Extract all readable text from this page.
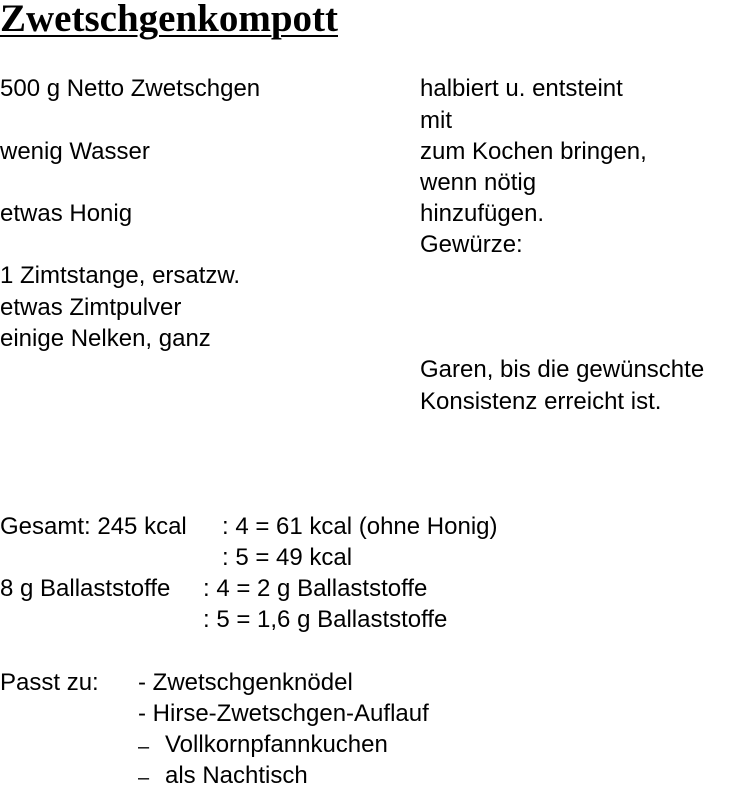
Zwetschgenkompott
500 g Netto Zwetschgen
wenig Wasser
etwas Honig
1 Zimtstange, ersatzw.
etwas Zimtpulver
einige Nelken, ganz
halbiert u. entsteint
mit
zum Kochen bringen,
wenn nötig
hinzufügen.
Gewürze:
Garen, bis die gewünschte
Konsistenz erreicht ist.
Gesamt: 245 kcal : 4 = 61 kcal (ohne Honig)
: 5 = 49 kcal
8 g Ballaststoffe : 4 = 2 g Ballaststoffe
: 5 = 1,6 g Ballaststoffe
Passt zu: - Zwetschgenknödel
- Hirse-Zwetschgen-Auflauf
– Vollkornpfannkuchen
– als Nachtisch
